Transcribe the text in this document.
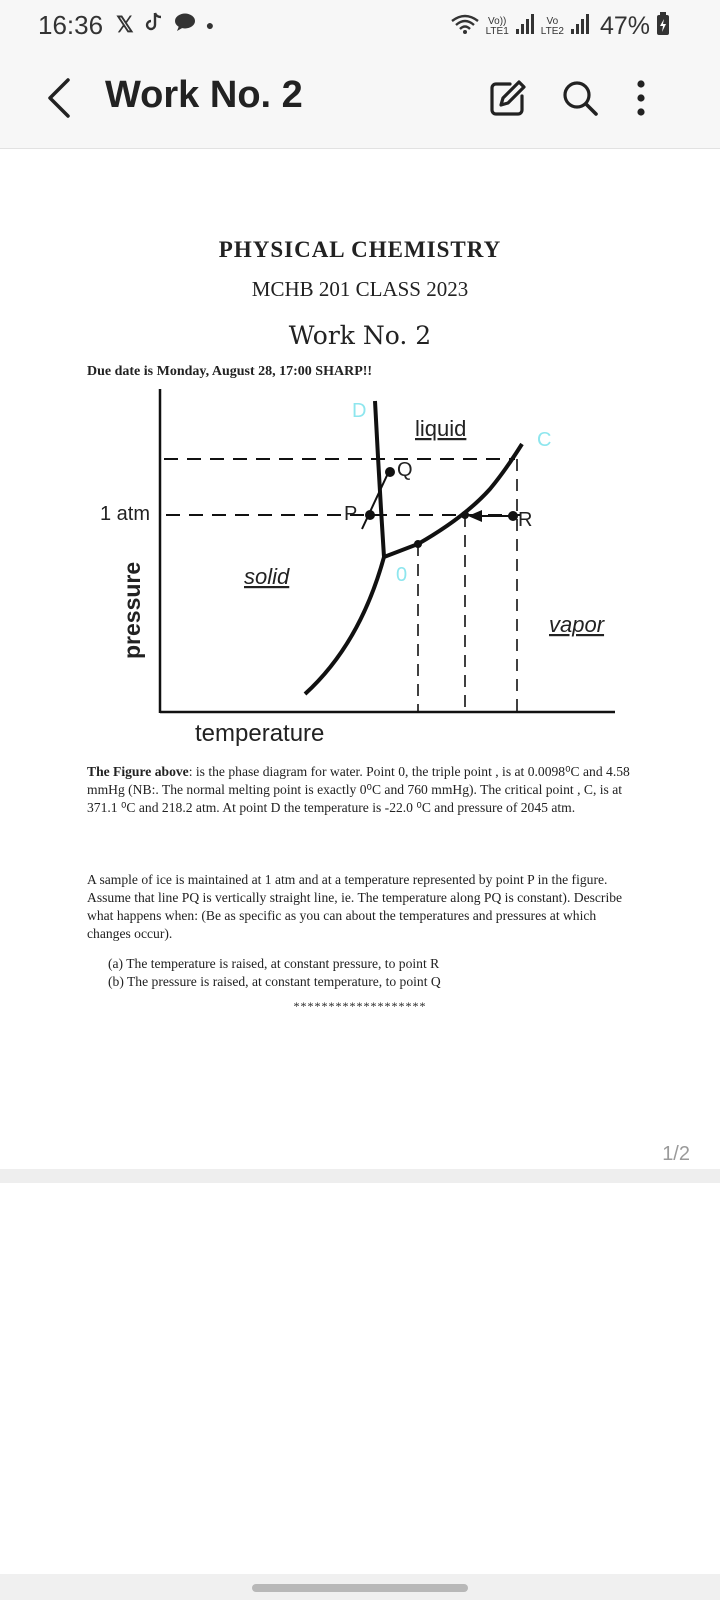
16:36 𝕏	●	Vo))
LTE1
Vo
LTE2 47%
Work No. 2
PHYSICAL CHEMISTRY
MCHB 201 CLASS 2023
Work No. 2
Due date is Monday, August 28, 17:00 SHARP!!
D
liquid	C
Q
1 atm	P	R
solid	0
vapor
pressure
temperature
The Figure above: is the phase diagram for water. Point 0, the triple point , is at 0.0098⁰C and 4.58 mmHg (NB:. The normal melting point is exactly 0⁰C and 760 mmHg). The critical point , C, is at 371.1 ⁰C and 218.2 atm. At point D the temperature is -22.0 ⁰C and pressure of 2045 atm.
A sample of ice is maintained at 1 atm and at a temperature represented by point P in the figure. Assume that line PQ is vertically straight line, ie. The temperature along PQ is constant). Describe what happens when: (Be as specific as you can about the temperatures and pressures at which changes occur).
(a) The temperature is raised, at constant pressure, to point R
(b) The pressure is raised, at constant temperature, to point Q
*******************
1/2
